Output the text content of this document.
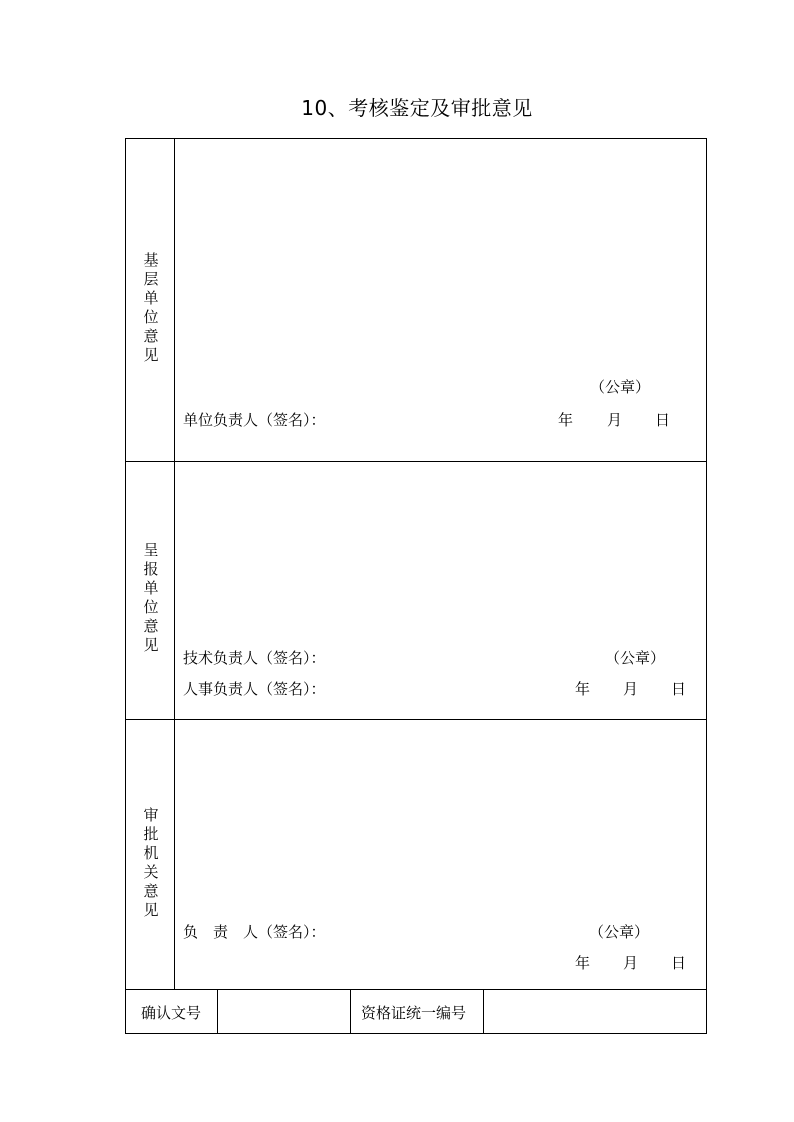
10、考核鉴定及审批意见
基层单位意见
（公章）
单位负责人（签名）：	年 月 日
呈报单位意见
技术负责人（签名）：	（公章）
人事负责人（签名）：	年 月 日
审批机关意见
负　责　人（签名）：	（公章）
年 月 日
确认文号	资格证统一编号
